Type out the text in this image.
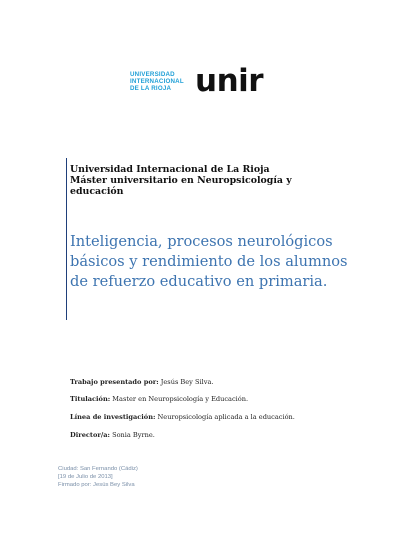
UNIVERSIDAD
INTERNACIONAL
DE LA RIOJA unir
Universidad Internacional de La Rioja
Máster universitario en Neuropsicología y
educación
Inteligencia, procesos neurológicos
básicos y rendimiento de los alumnos
de refuerzo educativo en primaria.
Trabajo presentado por: Jesús Bey Silva.
Titulación: Master en Neuropsicología y Educación.
Línea de investigación: Neuropsicología aplicada a la educación.
Director/a: Sonia Byrne.
Ciudad: San Fernando (Cádiz)
[19 de Julio de 2013]
Firmado por: Jesús Bey Silva
